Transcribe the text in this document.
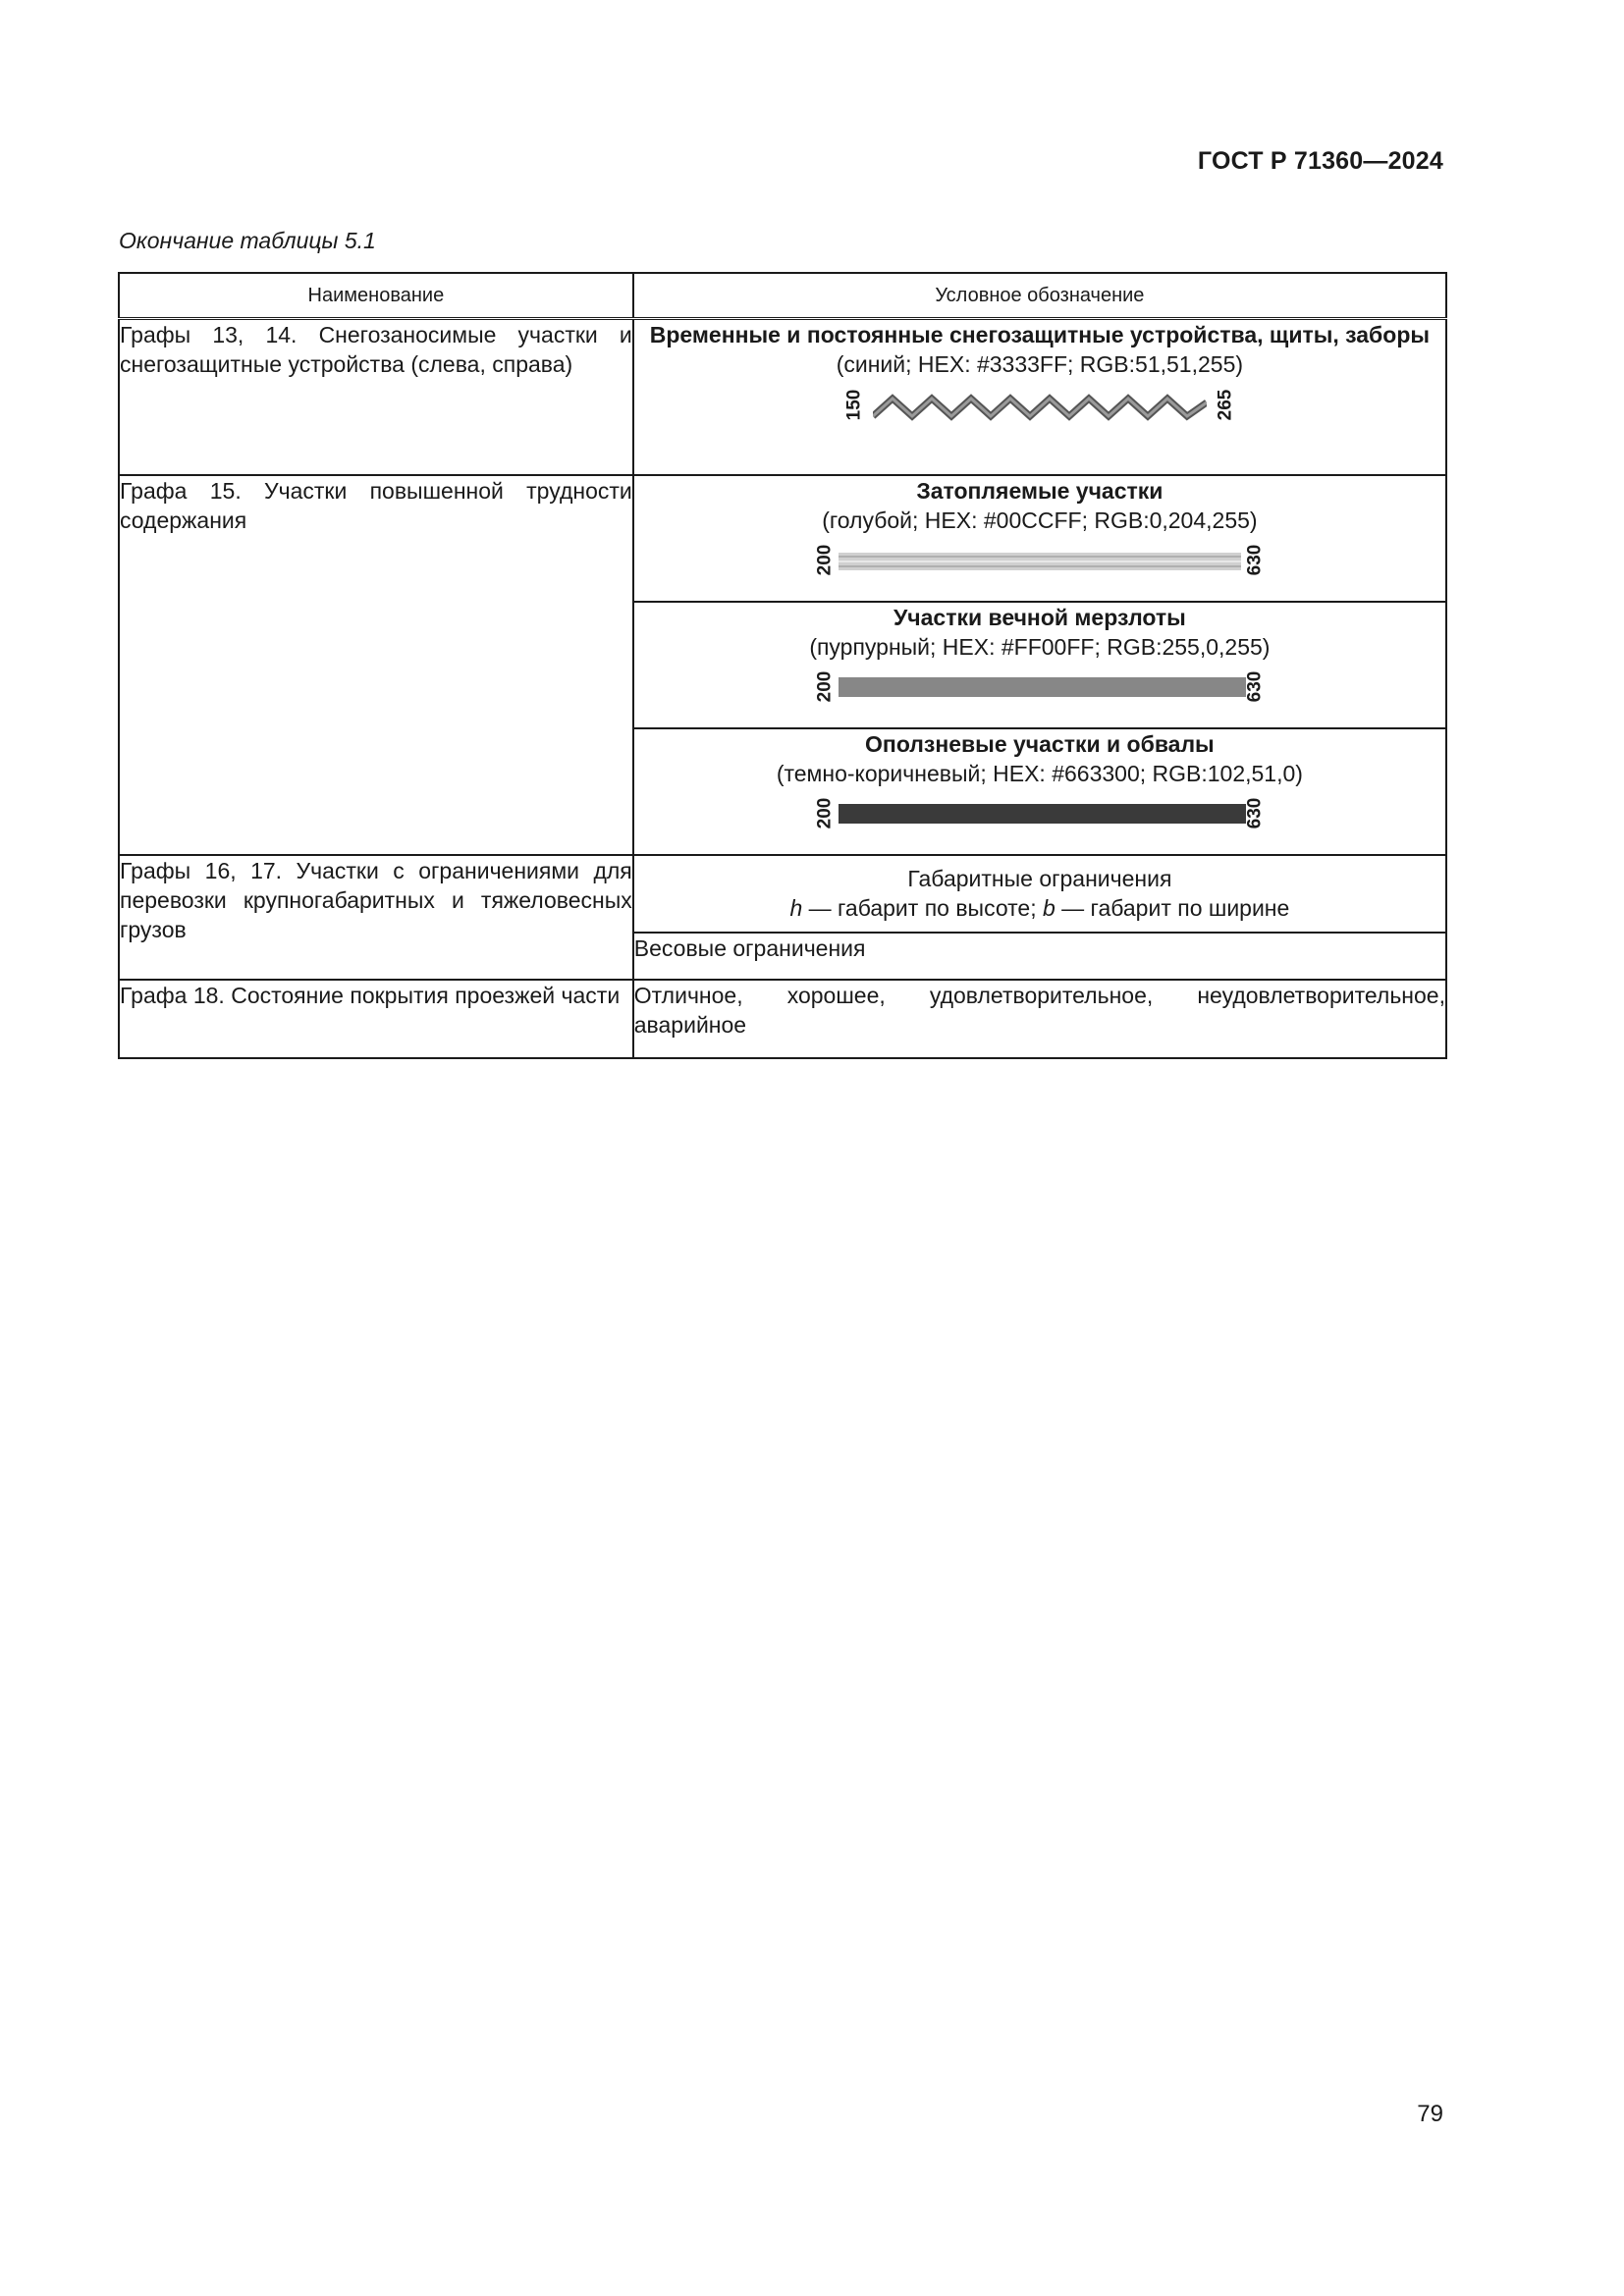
ГОСТ Р 71360—2024
Окончание таблицы 5.1
Наименование	Условное обозначение
Графы 13, 14. Снегозаносимые участки и снегозащитные устройства (слева, справа)	Временные и постоянные снегозащитные устройства, щиты, заборы
(синий; HEX: #3333FF; RGB:51,51,255)
150 265

Графа 15. Участки повышенной трудности содержания	Затопляемые участки
(голубой; HEX: #00CCFF; RGB:0,204,255)
200 630

	Участки вечной мерзлоты
(пурпурный; HEX: #FF00FF; RGB:255,0,255)
200 630

	Оползневые участки и обвалы
(темно-коричневый; HEX: #663300; RGB:102,51,0)
200 630

Графы 16, 17. Участки с ограничениями для перевозки крупногабаритных и тяжеловесных грузов	Габаритные ограничения
h — габарит по высоте; b — габарит по ширине

	Весовые ограничения
Графа 18. Состояние покрытия проезжей части	Отличное, хорошее, удовлетворительное, неудовлетворительное, аварийное
79
